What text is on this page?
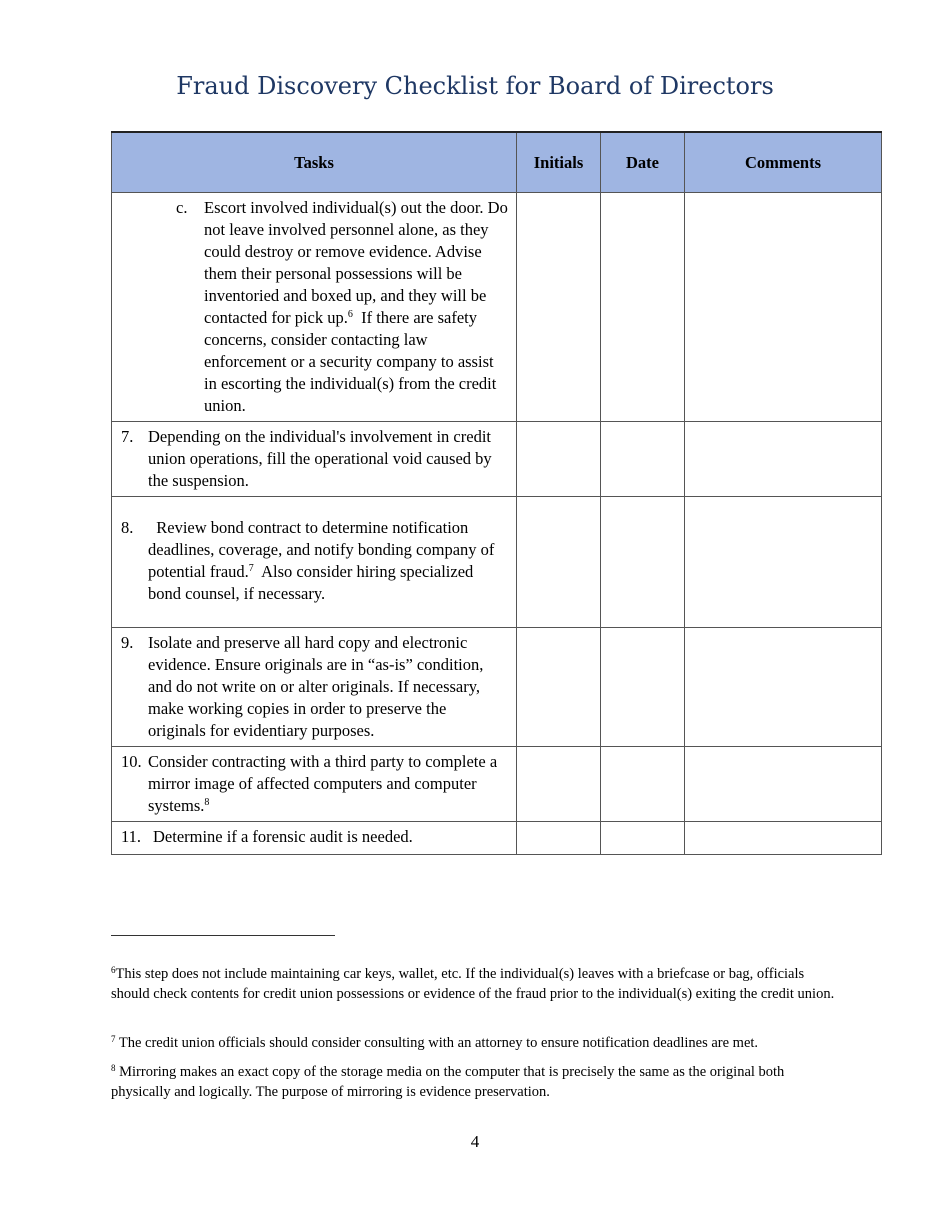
Fraud Discovery Checklist for Board of Directors
Tasks	Initials	Date	Comments

c. Escort involved individual(s) out the door. Do not leave involved personnel alone, as they could destroy or remove evidence. Advise them their personal possessions will be inventoried and boxed up, and they will be contacted for pick up.$^6$ If there are safety concerns, consider contacting law enforcement or a security company to assist in escorting the individual(s) from the credit union.			

7. Depending on the individual's involvement in credit union operations, fill the operational void caused by the suspension.			

8. Review bond contract to determine notification deadlines, coverage, and notify bonding company of potential fraud.$^7$ Also consider hiring specialized bond counsel, if necessary.			

9. Isolate and preserve all hard copy and electronic evidence. Ensure originals are in “as-is” condition, and do not write on or alter originals. If necessary, make working copies in order to preserve the originals for evidentiary purposes.			

10. Consider contracting with a third party to complete a mirror image of affected computers and computer systems.$^8$

11. Determine if a forensic audit is needed.			

$^6$This step does not include maintaining car keys, wallet, etc. If the individual(s) leaves with a briefcase or bag, officials should check contents for credit union possessions or evidence of the fraud prior to the individual(s) exiting the credit union.
$^7$ The credit union officials should consider consulting with an attorney to ensure notification deadlines are met.
$^8$ Mirroring makes an exact copy of the storage media on the computer that is precisely the same as the original both physically and logically. The purpose of mirroring is evidence preservation.
4
